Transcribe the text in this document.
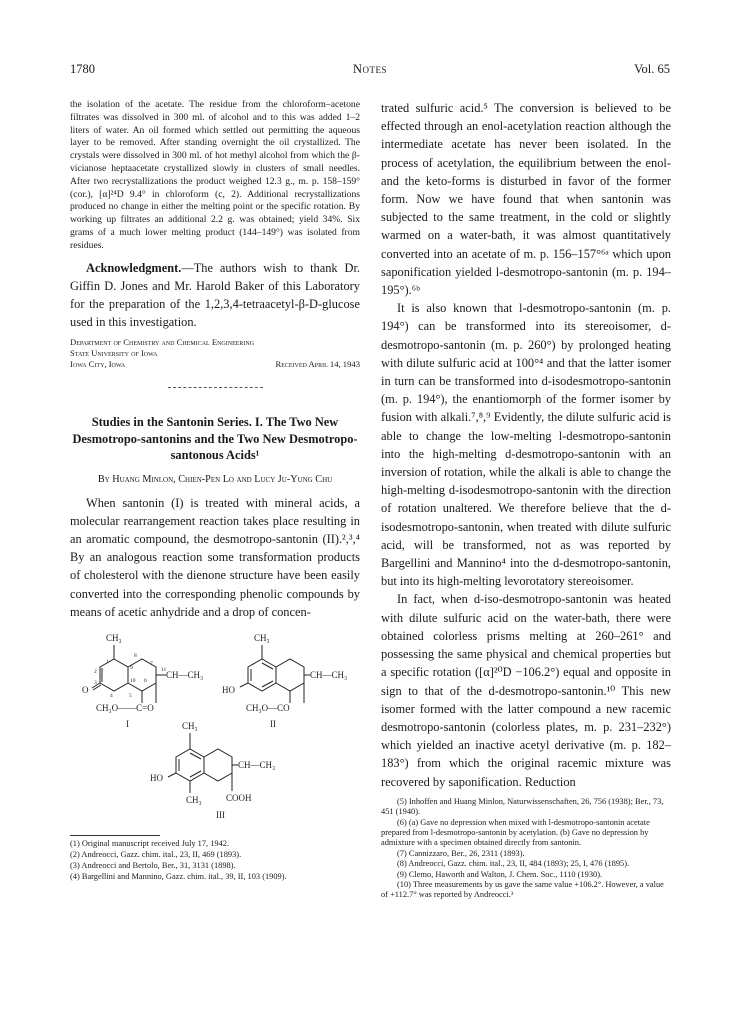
1780	Notes	Vol. 65

the isolation of the acetate. The residue from the chloroform–acetone filtrates was dissolved in 300 ml. of alcohol and to this was added 1–2 liters of water. An oil formed which settled out permitting the aqueous layer to be removed. After standing overnight the oil crystallized. The crystals were dissolved in 300 ml. of hot methyl alcohol from which the β-vicianose heptaacetate crystallized slowly in clusters of small needles. After two recrystallizations the product weighed 12.3 g., m. p. 158–159° (cor.), [α]²⁴D 9.4° in chloroform (c, 2). Additional recrystallizations produced no change in either the melting point or the specific rotation. By working up filtrates an additional 2.2 g. was obtained; yield 34%. Six grams of a much lower melting product (144–149°) was isolated from residues.

Acknowledgment.—The authors wish to thank Dr. Giffin D. Jones and Mr. Harold Baker of this Laboratory for the preparation of the 1,2,3,4-tetraacetyl-β-D-glucose used in this investigation.

Department of Chemistry and Chemical Engineering
State University of Iowa
Iowa City, Iowa	Received April 14, 1943
Studies in the Santonin Series. I. The Two New Desmotropo-santonins and the Two New Desmotropo-santonous Acids¹
By Huang Minlon, Chien-Pen Lo and Lucy Ju-Yung Chu

When santonin (I) is treated with mineral acids, a molecular rearrangement reaction takes place resulting in an aromatic compound, the desmotropo-santonin (II).²,³,⁴ By an analogous reaction some transformation products of cholesterol with the dienone structure have been easily converted into the corresponding phenolic compounds by means of acetic anhydride and a drop of concen-

CH₃
1
2
3
4	5
6
7
8
9
10
11 CH—CH₃
O
CH₃O——C=O
I
CH₃
CH—CH₃
HO
CH₃O—CO
II
CH₃
CH—CH₃
HO
CH₃	COOH
III
(1) Original manuscript received July 17, 1942.
(2) Andreocci, Gazz. chim. ital., 23, II, 469 (1893).
(3) Andreocci and Bertolo, Ber., 31, 3131 (1898).
(4) Bargellini and Mannino, Gazz. chim. ital., 39, II, 103 (1909).

trated sulfuric acid.⁵ The conversion is believed to be effected through an enol-acetylation reaction although the intermediate acetate has never been isolated. In the process of acetylation, the equilibrium between the enol- and the keto-forms is disturbed in favor of the former form. Now we have found that when santonin was subjected to the same treatment, in the cold or slightly warmed on a water-bath, it was almost quantitatively converted into an acetate of m. p. 156–157°⁶ᵃ which upon saponification yielded l-desmotropo-santonin (m. p. 194–195°).⁶ᵇ

It is also known that l-desmotropo-santonin (m. p. 194°) can be transformed into its stereoisomer, d-desmotropo-santonin (m. p. 260°) by prolonged heating with dilute sulfuric acid at 100°⁴ and that the latter isomer in turn can be transformed into d-isodesmotropo-santonin (m. p. 194°), the enantiomorph of the former isomer by fusion with alkali.⁷,⁸,⁹ Evidently, the dilute sulfuric acid is able to change the low-melting l-desmotropo-santonin into the high-melting d-desmotropo-santonin with an inversion of rotation, while the alkali is able to change the high-melting d-isodesmotropo-santonin with the direction of rotation unaltered. We therefore believe that the d-isodesmotropo-santonin, when treated with dilute sulfuric acid, will be transformed, not as was reported by Bargellini and Mannino⁴ into the d-desmotropo-santonin, but into its high-melting levorotatory stereoisomer.

In fact, when d-iso-desmotropo-santonin was heated with dilute sulfuric acid on the water-bath, there were obtained colorless prisms melting at 260–261° and possessing the same physical and chemical properties but a specific rotation ([α]²⁰D −106.2°) equal and opposite in sign to that of the d-desmotropo-santonin.¹⁰ This new isomer formed with the latter compound a new racemic desmotropo-santonin (colorless plates, m. p. 231–232°) which yielded an inactive acetyl derivative (m. p. 182–183°) from which the original racemic mixture was recovered by saponification. Reduction

(5) Inhoffen and Huang Minlon, Naturwissenschaften, 26, 756 (1938); Ber., 73, 451 (1940).

(6) (a) Gave no depression when mixed with l-desmotropo-santonin acetate prepared from l-desmotropo-santonin by acetylation. (b) Gave no depression by admixture with a specimen obtained directly from santonin.

(7) Cannizzaro, Ber., 26, 2311 (1893).

(8) Andreocci, Gazz. chim. ital., 23, II, 484 (1893); 25, I, 476 (1895).

(9) Clemo, Haworth and Walton, J. Chem. Soc., 1110 (1930).

(10) Three measurements by us gave the same value +106.2°. However, a value of +112.7° was reported by Andreocci.³
